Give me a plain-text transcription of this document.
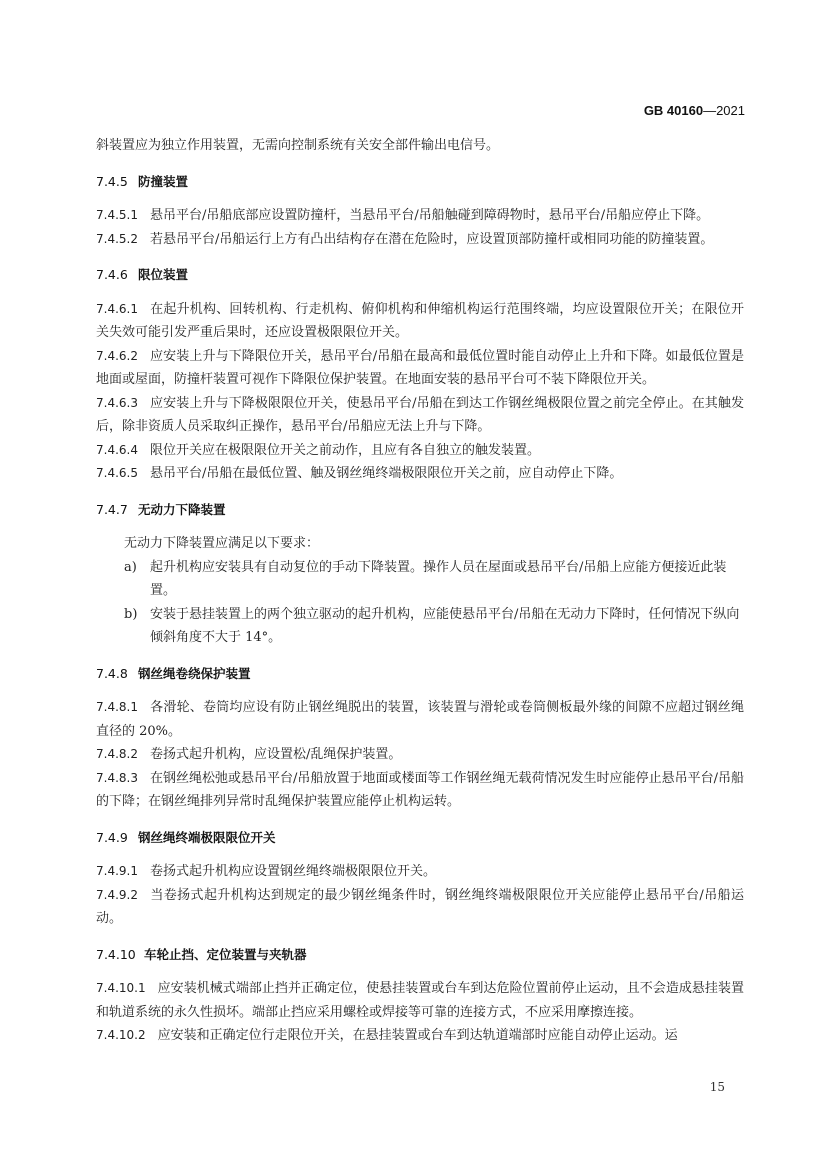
GB 40160—2021

斜装置应为独立作用装置，无需向控制系统有关安全部件输出电信号。

7.4.5 防撞装置

7.4.5.1 悬吊平台/吊船底部应设置防撞杆，当悬吊平台/吊船触碰到障碍物时，悬吊平台/吊船应停止下降。

7.4.5.2 若悬吊平台/吊船运行上方有凸出结构存在潜在危险时，应设置顶部防撞杆或相同功能的防撞装置。

7.4.6 限位装置

7.4.6.1 在起升机构、回转机构、行走机构、俯仰机构和伸缩机构运行范围终端，均应设置限位开关；在限位开关失效可能引发严重后果时，还应设置极限限位开关。

7.4.6.2 应安装上升与下降限位开关，悬吊平台/吊船在最高和最低位置时能自动停止上升和下降。如最低位置是地面或屋面，防撞杆装置可视作下降限位保护装置。在地面安装的悬吊平台可不装下降限位开关。

7.4.6.3 应安装上升与下降极限限位开关，使悬吊平台/吊船在到达工作钢丝绳极限位置之前完全停止。在其触发后，除非资质人员采取纠正操作，悬吊平台/吊船应无法上升与下降。

7.4.6.4 限位开关应在极限限位开关之前动作，且应有各自独立的触发装置。

7.4.6.5 悬吊平台/吊船在最低位置、触及钢丝绳终端极限限位开关之前，应自动停止下降。

7.4.7 无动力下降装置

无动力下降装置应满足以下要求：

a)	起升机构应安装具有自动复位的手动下降装置。操作人员在屋面或悬吊平台/吊船上应能方便接近此装置。
b) 安装于悬挂装置上的两个独立驱动的起升机构，应能使悬吊平台/吊船在无动力下降时，任何情况下纵向倾斜角度不大于 14°。
7.4.8 钢丝绳卷绕保护装置

7.4.8.1 各滑轮、卷筒均应设有防止钢丝绳脱出的装置，该装置与滑轮或卷筒侧板最外缘的间隙不应超过钢丝绳直径的 20%。

7.4.8.2 卷扬式起升机构，应设置松/乱绳保护装置。

7.4.8.3 在钢丝绳松弛或悬吊平台/吊船放置于地面或楼面等工作钢丝绳无载荷情况发生时应能停止悬吊平台/吊船的下降；在钢丝绳排列异常时乱绳保护装置应能停止机构运转。

7.4.9 钢丝绳终端极限限位开关

7.4.9.1 卷扬式起升机构应设置钢丝绳终端极限限位开关。

7.4.9.2 当卷扬式起升机构达到规定的最少钢丝绳条件时，钢丝绳终端极限限位开关应能停止悬吊平台/吊船运动。

7.4.10 车轮止挡、定位装置与夹轨器

7.4.10.1 应安装机械式端部止挡并正确定位，使悬挂装置或台车到达危险位置前停止运动，且不会造成悬挂装置和轨道系统的永久性损坏。端部止挡应采用螺栓或焊接等可靠的连接方式，不应采用摩擦连接。

7.4.10.2 应安装和正确定位行走限位开关，在悬挂装置或台车到达轨道端部时应能自动停止运动。运

15
